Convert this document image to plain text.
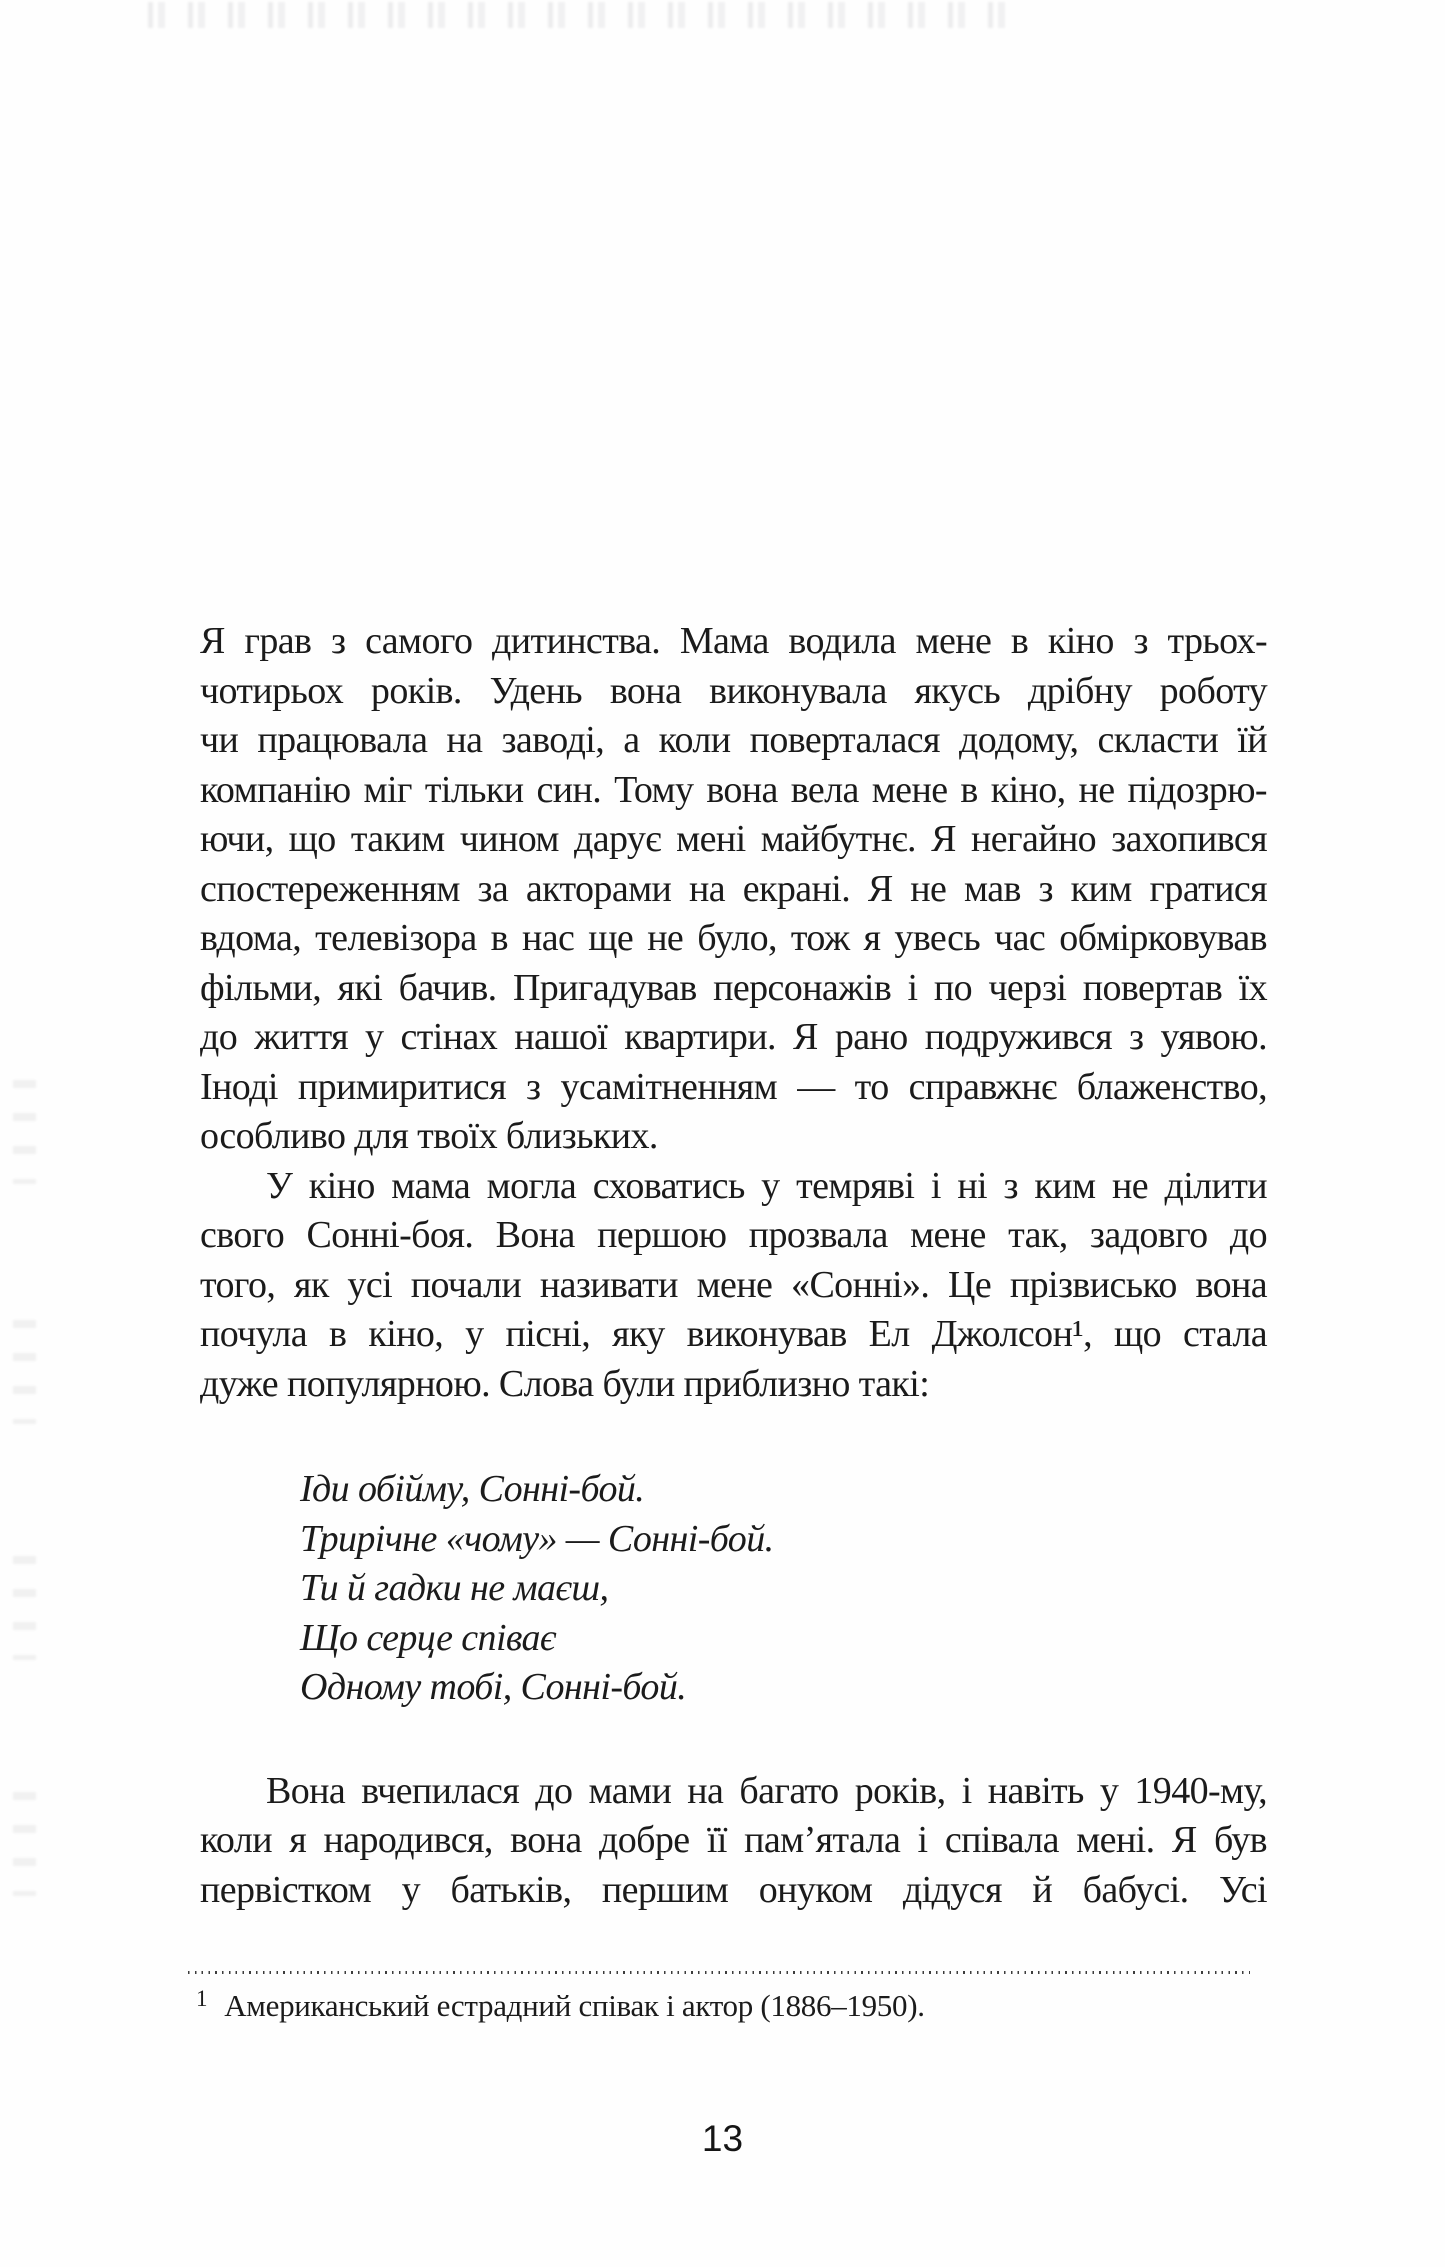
Я грав з самого дитинства. Мама водила мене в кіно з трьох-
чотирьох років. Удень вона виконувала якусь дрібну роботу
чи працювала на заводі, а коли поверталася додому, скласти їй
компанію міг тільки син. Тому вона вела мене в кіно, не підозрю-
ючи, що таким чином дарує мені майбутнє. Я негайно захопився
спостереженням за акторами на екрані. Я не мав з ким гратися
вдома, телевізора в нас ще не було, тож я увесь час обмірковував
фільми, які бачив. Пригадував персонажів і по черзі повертав їх
до життя у стінах нашої квартири. Я рано подружився з уявою.
Іноді примиритися з усамітненням — то справжнє блаженство,
особливо для твоїх близьких.
У кіно мама могла сховатись у темряві і ні з ким не ділити
свого Сонні-боя. Вона першою прозвала мене так, задовго до
того, як усі почали називати мене «Сонні». Це прізвисько вона
почула в кіно, у пісні, яку виконував Ел Джолсон¹, що стала
дуже популярною. Слова були приблизно такі:
Іди обійму, Сонні-бой.
Трирічне «чому» — Сонні-бой.
Ти й гадки не маєш,
Що серце співає
Одному тобі, Сонні-бой.
Вона вчепилася до мами на багато років, і навіть у 1940-му,
коли я народився, вона добре її пам’ятала і співала мені. Я був
первістком у батьків, першим онуком дідуся й бабусі. Усі
$^1$ Американський естрадний співак і актор (1886–1950).
13
